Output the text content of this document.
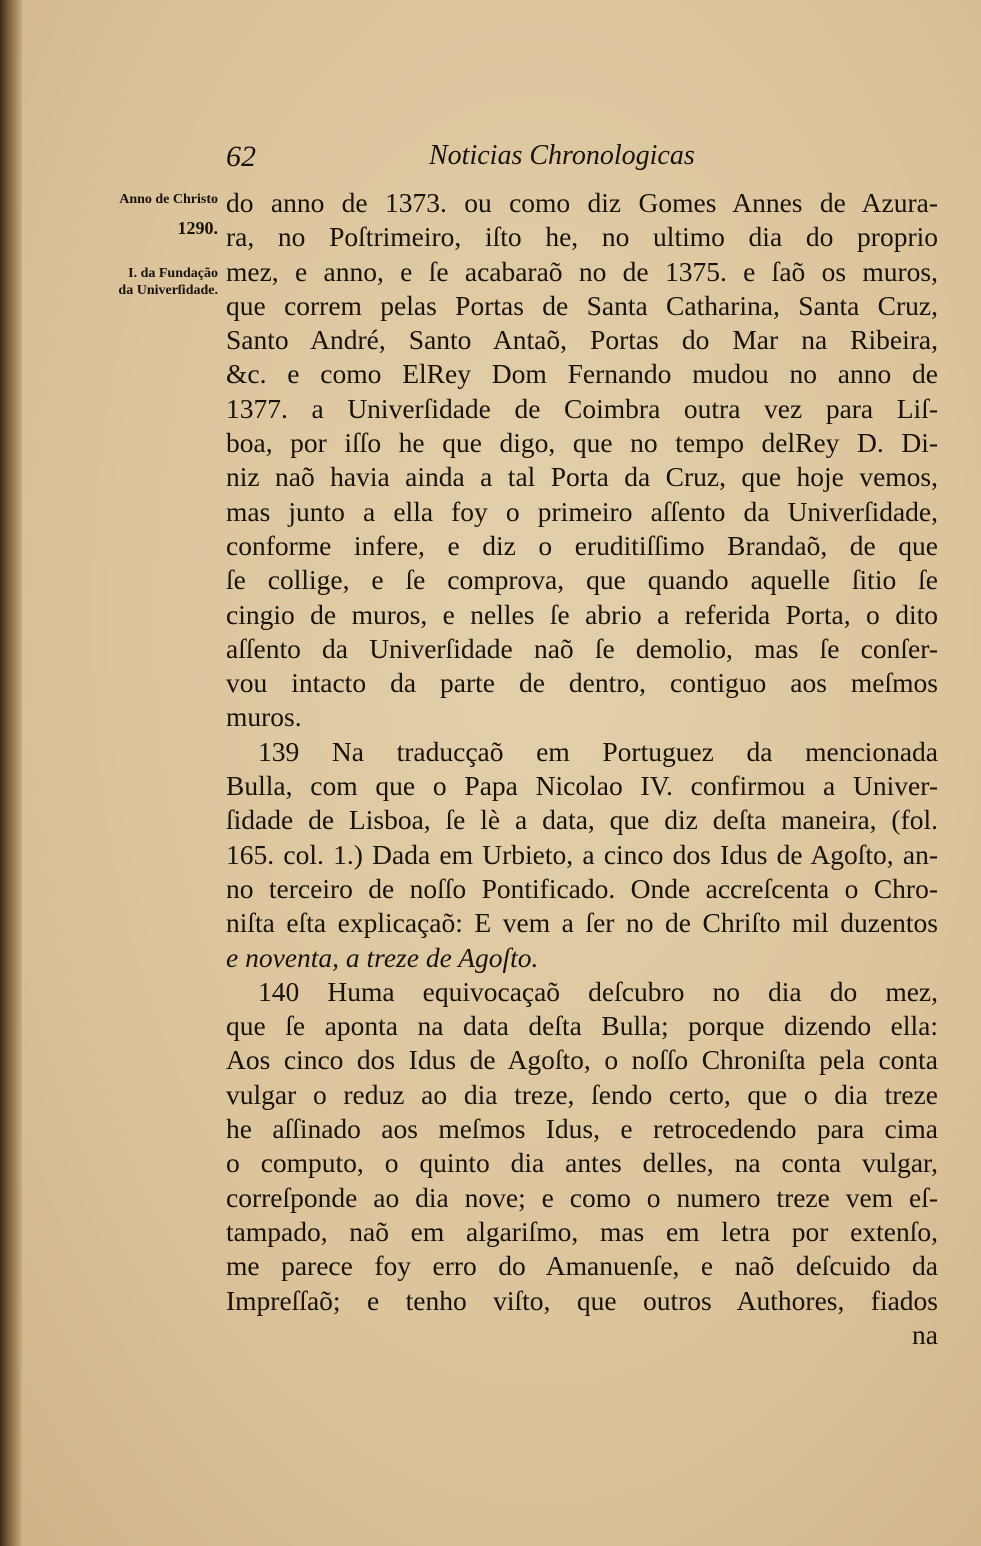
62	Noticias Chronologicas
Anno de Christo
1290.
I. da Fundação
da Univerſidade.
do anno de 1373. ou como diz Gomes Annes de Azura-
ra, no Poſtrimeiro, iſto he, no ultimo dia do proprio
mez, e anno, e ſe acabaraõ no de 1375. e ſaõ os muros,
que correm pelas Portas de Santa Catharina, Santa Cruz,
Santo André, Santo Antaõ, Portas do Mar na Ribeira,
&c. e como ElRey Dom Fernando mudou no anno de
1377. a Univerſidade de Coimbra outra vez para Liſ-
boa, por iſſo he que digo, que no tempo delRey D. Di-
niz naõ havia ainda a tal Porta da Cruz, que hoje vemos,
mas junto a ella foy o primeiro aſſento da Univerſidade,
conforme infere, e diz o eruditiſſimo Brandaõ, de que
ſe collige, e ſe comprova, que quando aquelle ſitio ſe
cingio de muros, e nelles ſe abrio a referida Porta, o dito
aſſento da Univerſidade naõ ſe demolio, mas ſe conſer-
vou intacto da parte de dentro, contiguo aos meſmos
muros.
139 Na traducçaõ em Portuguez da mencionada
Bulla, com que o Papa Nicolao IV. confirmou a Univer-
ſidade de Lisboa, ſe lè a data, que diz deſta maneira, (fol.
165. col. 1.) Dada em Urbieto, a cinco dos Idus de Agoſto, an-
no terceiro de noſſo Pontificado. Onde accreſcenta o Chro-
niſta eſta explicaçaõ: E vem a ſer no de Chriſto mil duzentos
e noventa, a treze de Agoſto.
140 Huma equivocaçaõ deſcubro no dia do mez,
que ſe aponta na data deſta Bulla; porque dizendo ella:
Aos cinco dos Idus de Agoſto, o noſſo Chroniſta pela conta
vulgar o reduz ao dia treze, ſendo certo, que o dia treze
he aſſinado aos meſmos Idus, e retrocedendo para cima
o computo, o quinto dia antes delles, na conta vulgar,
correſponde ao dia nove; e como o numero treze vem eſ-
tampado, naõ em algariſmo, mas em letra por extenſo,
me parece foy erro do Amanuenſe, e naõ deſcuido da
Impreſſaõ; e tenho viſto, que outros Authores, fiados
na
